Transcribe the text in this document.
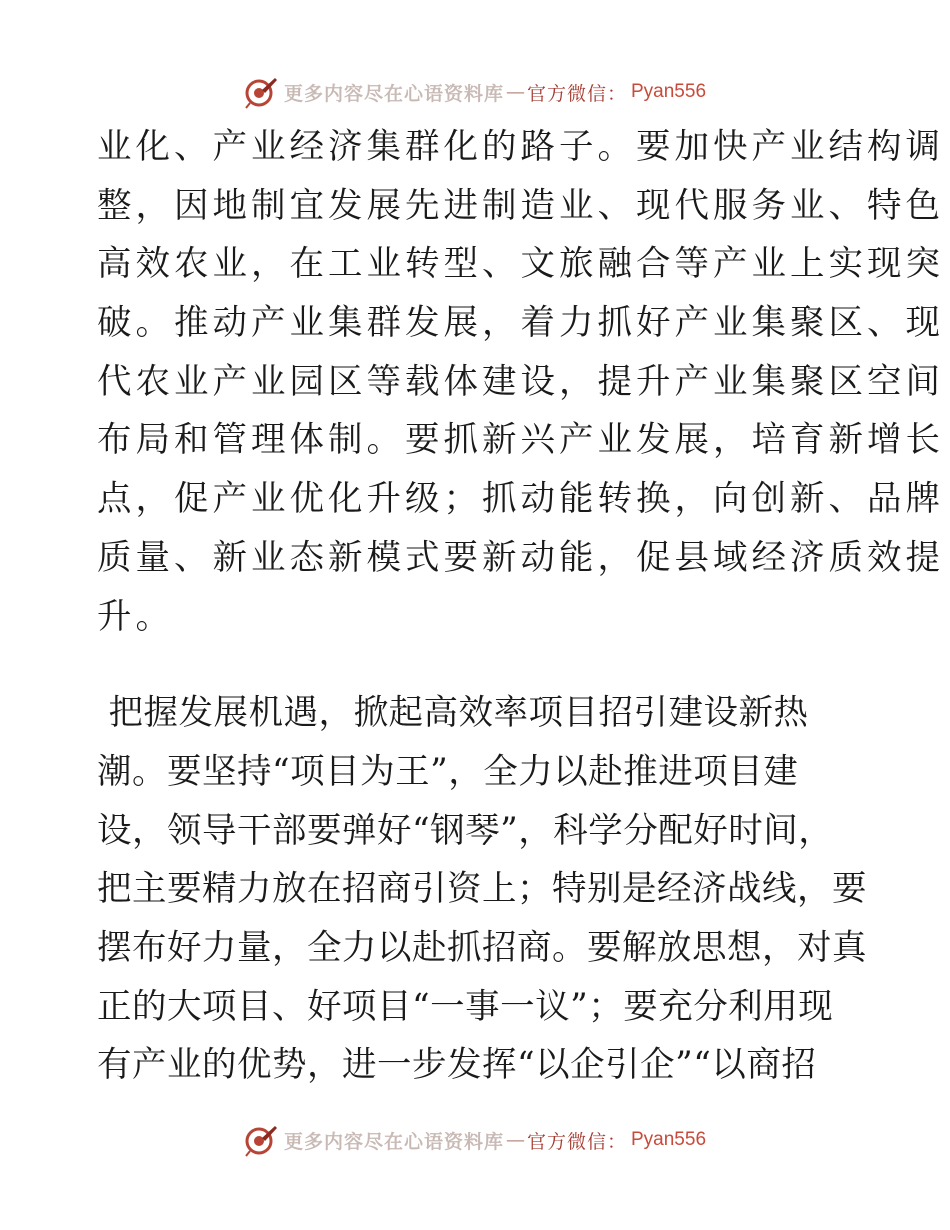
更多内容尽在心语资料库 — 官方微信： Pyan556
业化、产业经济集群化的路子。要加快产业结构调
整，因地制宜发展先进制造业、现代服务业、特色
高效农业，在工业转型、文旅融合等产业上实现突
破。推动产业集群发展，着力抓好产业集聚区、现
代农业产业园区等载体建设，提升产业集聚区空间
布局和管理体制。要抓新兴产业发展，培育新增长
点，促产业优化升级；抓动能转换，向创新、品牌
质量、新业态新模式要新动能，促县域经济质效提
升。
把握发展机遇，掀起高效率项目招引建设新热
潮。要坚持“项目为王”，全力以赴推进项目建
设，领导干部要弹好“钢琴”，科学分配好时间，
把主要精力放在招商引资上；特别是经济战线，要
摆布好力量，全力以赴抓招商。要解放思想，对真
正的大项目、好项目“一事一议”；要充分利用现
有产业的优势，进一步发挥“以企引企”“以商招
更多内容尽在心语资料库 — 官方微信： Pyan556
